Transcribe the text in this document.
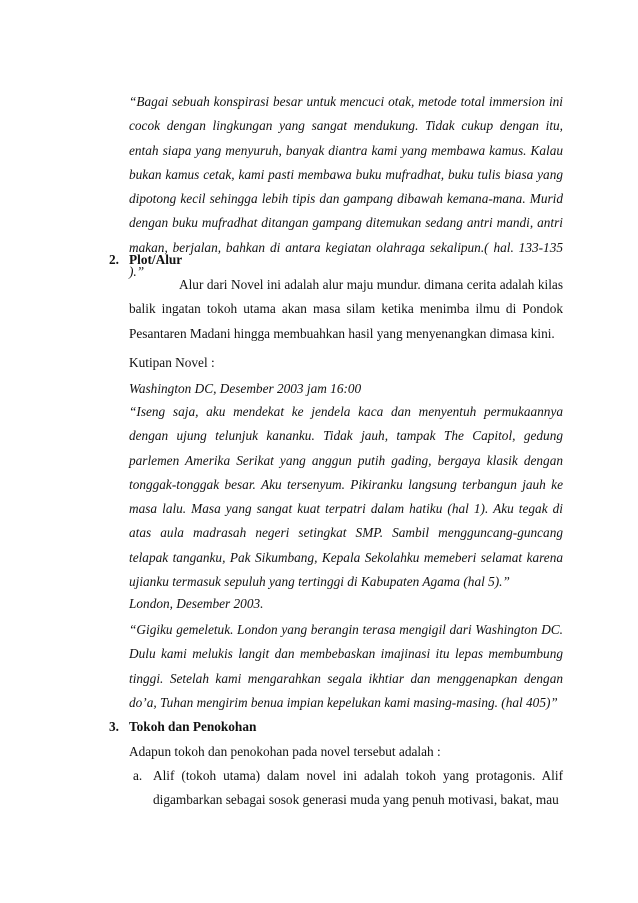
“Bagai sebuah konspirasi besar untuk mencuci otak, metode total immersion ini cocok dengan lingkungan yang sangat mendukung. Tidak cukup dengan itu, entah siapa yang menyuruh, banyak diantra kami yang membawa kamus. Kalau bukan kamus cetak, kami pasti membawa buku mufradhat, buku tulis biasa yang dipotong kecil sehingga lebih tipis dan gampang dibawah kemana-mana. Murid dengan buku mufradhat ditangan gampang ditemukan sedang antri mandi, antri makan, berjalan, bahkan di antara kegiatan olahraga sekalipun.( hal. 133-135 ).”

2. Plot/Alur

Alur dari Novel ini adalah alur maju mundur. dimana cerita adalah kilas balik ingatan tokoh utama akan masa silam ketika menimba ilmu di Pondok Pesantaren Madani hingga membuahkan hasil yang menyenangkan dimasa kini.

Kutipan Novel :

Washington DC, Desember 2003 jam 16:00

“Iseng saja, aku mendekat ke jendela kaca dan menyentuh permukaannya dengan ujung telunjuk kananku. Tidak jauh, tampak The Capitol, gedung parlemen Amerika Serikat yang anggun putih gading, bergaya klasik dengan tonggak-tonggak besar. Aku tersenyum. Pikiranku langsung terbangun jauh ke masa lalu. Masa yang sangat kuat terpatri dalam hatiku (hal 1). Aku tegak di atas aula madrasah negeri setingkat SMP. Sambil mengguncang-guncang telapak tanganku, Pak Sikumbang, Kepala Sekolahku memeberi selamat karena ujianku termasuk sepuluh yang tertinggi di Kabupaten Agama (hal 5).”

London, Desember 2003.

“Gigiku gemeletuk. London yang berangin terasa mengigil dari Washington DC. Dulu kami melukis langit dan membebaskan imajinasi itu lepas membumbung tinggi. Setelah kami mengarahkan segala ikhtiar dan menggenapkan dengan do’a, Tuhan mengirim benua impian kepelukan kami masing-masing. (hal 405)”

3. Tokoh dan Penokohan

Adapun tokoh dan penokohan pada novel tersebut adalah :

a. Alif (tokoh utama) dalam novel ini adalah tokoh yang protagonis. Alif digambarkan sebagai sosok generasi muda yang penuh motivasi, bakat, mau
